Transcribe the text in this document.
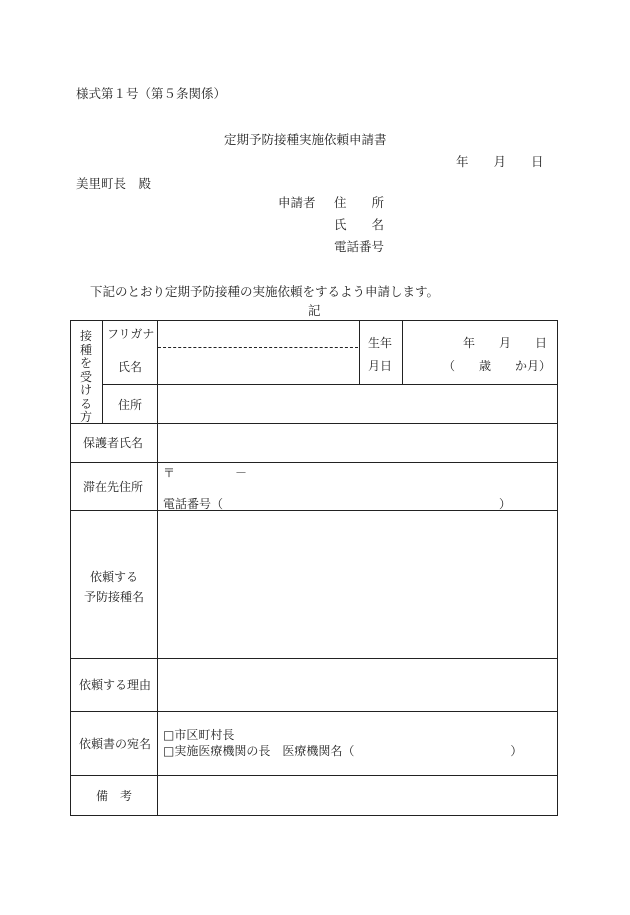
様式第１号（第５条関係）
定期予防接種実施依頼申請書
年　　月　　日
美里町長　殿
申請者 住　　所
氏　　名
電話番号
下記のとおり定期予防接種の実施依頼をするよう申請します。
記
接種を受ける方
フリガナ
氏名
生年
月日
年　　月　　日
（　　歳　　か月）
住所
保護者氏名
滞在先住所
〒　　　　　－
電話番号（　　　　　　　　　　　　　　　　　　　　　　　）
依頼する
予防接種名
依頼する理由
依頼書の宛名
□市区町村長
□実施医療機関の長　医療機関名（　　　　　　　　　　　　　）
備　考
